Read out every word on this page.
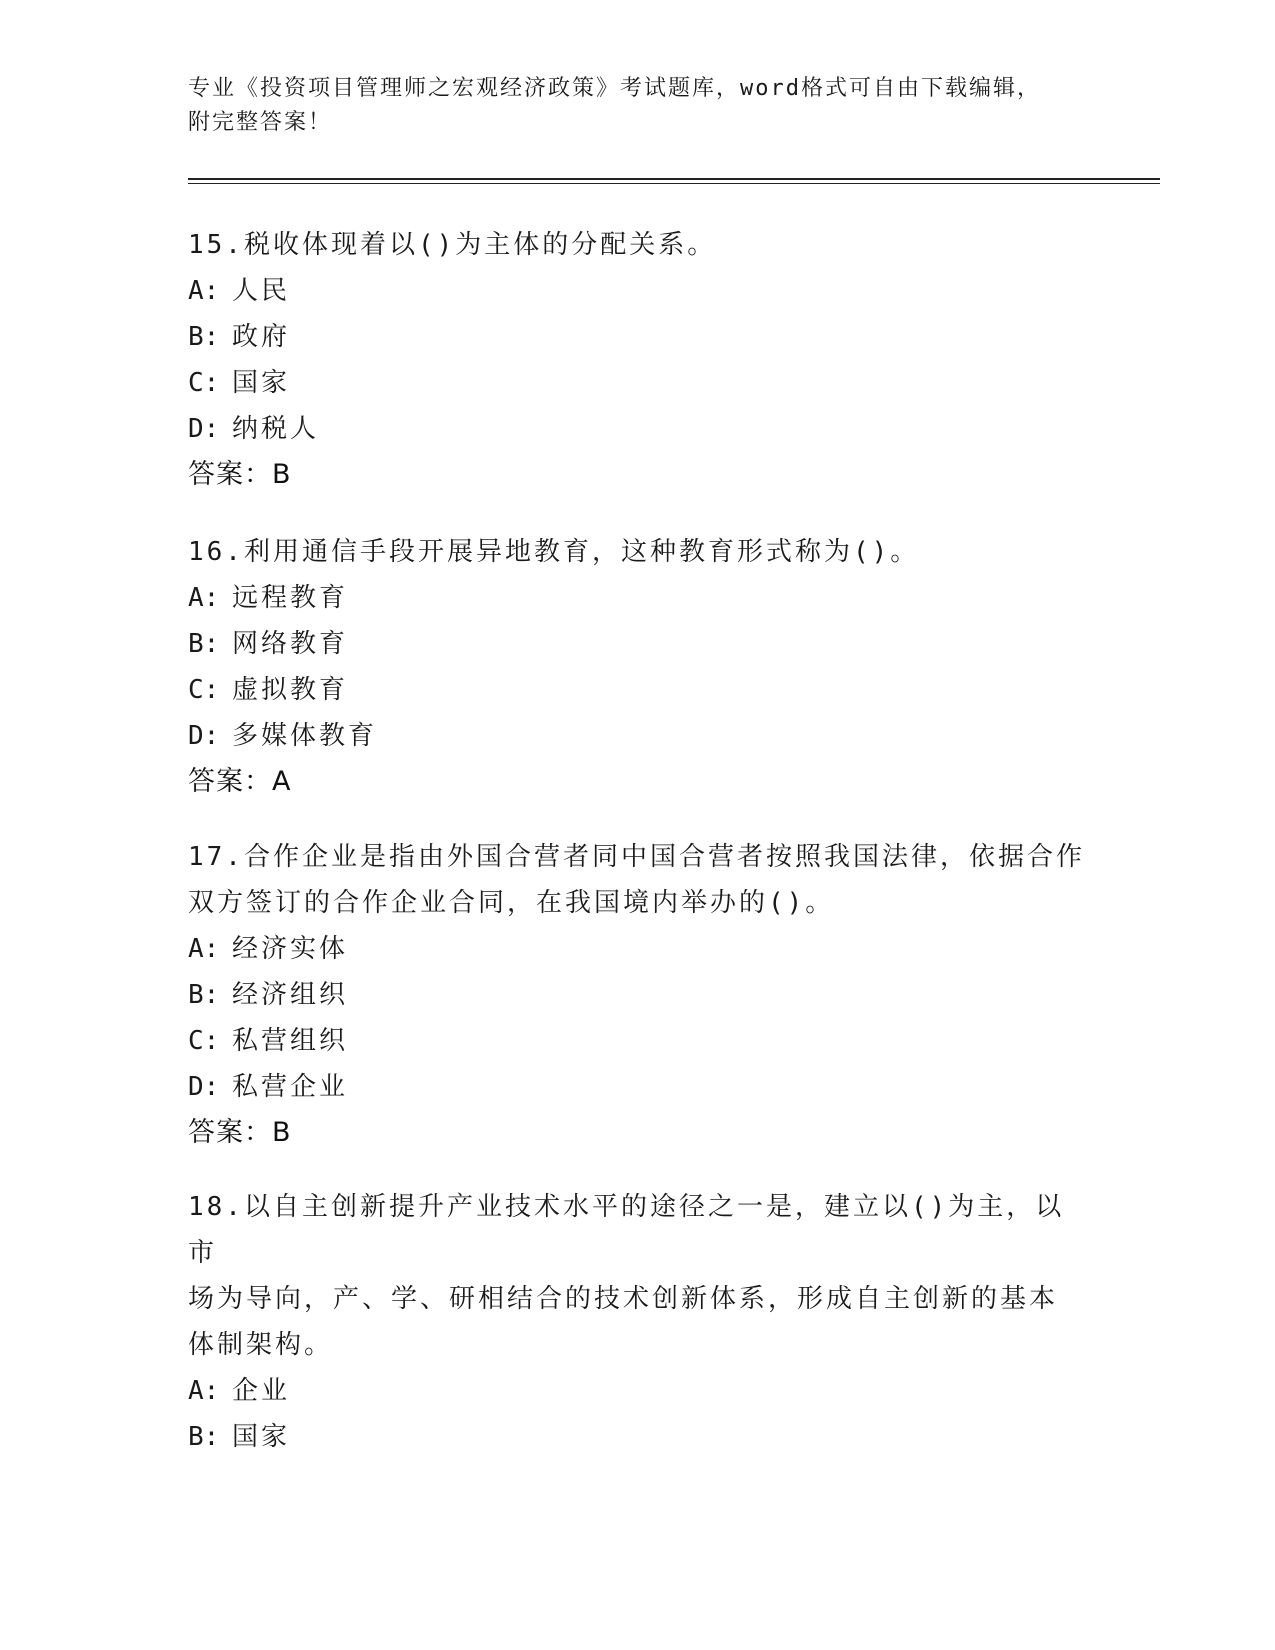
专业《投资项目管理师之宏观经济政策》考试题库，word格式可自由下载编辑，
附完整答案！
15.税收体现着以()为主体的分配关系。
A: 人民
B: 政府
C: 国家
D: 纳税人
答案：B
16.利用通信手段开展异地教育，这种教育形式称为()。
A: 远程教育
B: 网络教育
C: 虚拟教育
D: 多媒体教育
答案：A
17.合作企业是指由外国合营者同中国合营者按照我国法律，依据合作
双方签订的合作企业合同，在我国境内举办的()。
A: 经济实体
B: 经济组织
C: 私营组织
D: 私营企业
答案：B
18.以自主创新提升产业技术水平的途径之一是，建立以()为主，以市
场为导向，产、学、研相结合的技术创新体系，形成自主创新的基本
体制架构。
A: 企业
B: 国家
